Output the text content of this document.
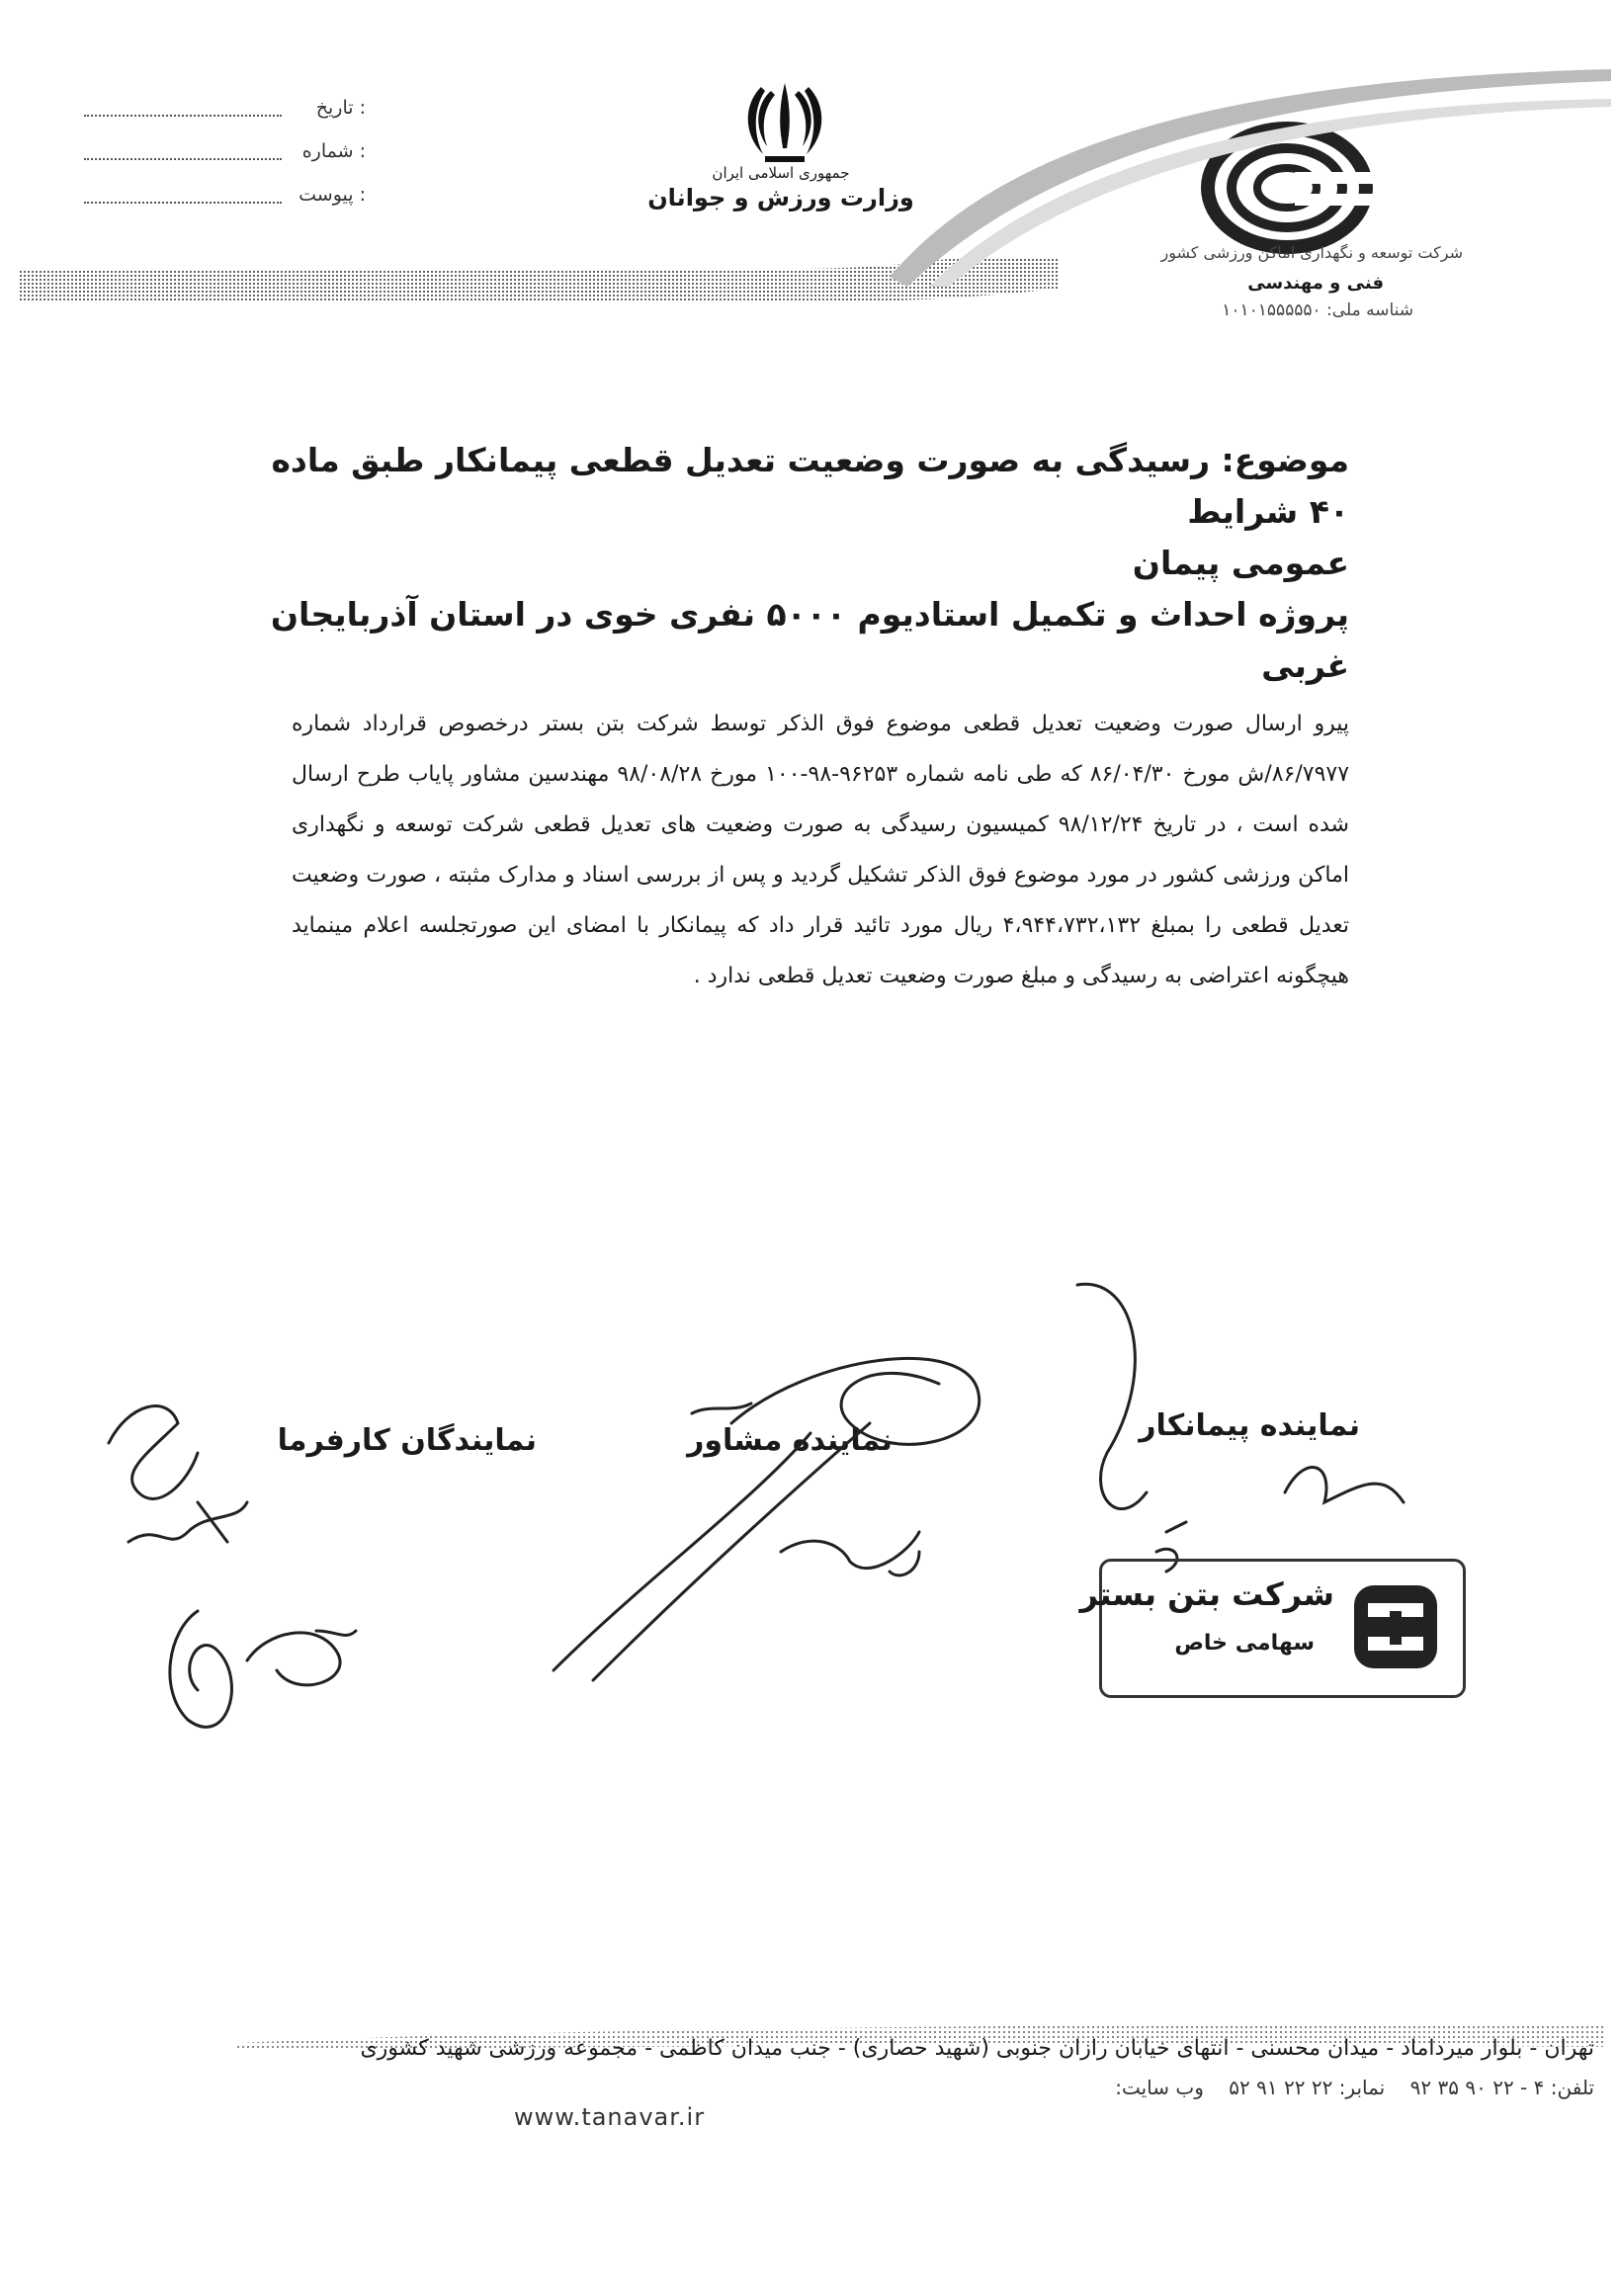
تاریخ :
شماره :
پیوست :
جمهوری اسلامی ایران
وزارت ورزش و جوانان
شرکت توسعه و نگهداری اماکن ورزشی کشور
فنی و مهندسی
شناسه ملی: ۱۰۱۰۱۵۵۵۵۵۰
موضوع: رسیدگی به صورت وضعیت تعدیل قطعی پیمانکار طبق ماده ۴۰ شرایط
عمومی پیمان
پروژه احداث و تکمیل استادیوم ۵۰۰۰ نفری خوی در استان آذربایجان غربی
پیرو ارسال صورت وضعیت تعدیل قطعی موضوع فوق الذکر توسط شرکت بتن بستر درخصوص قرارداد شماره ۸۶/۷۹۷۷/ش مورخ ۸۶/۰۴/۳۰ که طی نامه شماره ۹۶۲۵۳-۹۸-۱۰۰ مورخ ۹۸/۰۸/۲۸ مهندسین مشاور پایاب طرح ارسال شده است ، در تاریخ ۹۸/۱۲/۲۴ کمیسیون رسیدگی به صورت وضعیت های تعدیل قطعی شرکت توسعه و نگهداری اماکن ورزشی کشور در مورد موضوع فوق الذکر تشکیل گردید و پس از بررسی اسناد و مدارک مثبته ، صورت وضعیت تعدیل قطعی را بمبلغ ۴،۹۴۴،۷۳۲،۱۳۲ ریال مورد تائید قرار داد که پیمانکار با امضای این صورتجلسه اعلام مینماید هیچگونه اعتراضی به رسیدگی و مبلغ صورت وضعیت تعدیل قطعی ندارد .
نماینده پیمانکار
نماینده مشاور
نمایندگان کارفرما
شرکت بتن بستر
سهامی خاص
تهران - بلوار میرداماد - میدان محسنی - انتهای خیابان رازان جنوبی (شهید حصاری) - جنب میدان کاظمی - مجموعه ورزشی شهید کشوری
تلفن: ۴ - ۲۲ ۹۰ ۳۵ ۹۲    نمابر: ۲۲ ۲۲ ۹۱ ۵۲    وب سایت:
www.tanavar.ir
